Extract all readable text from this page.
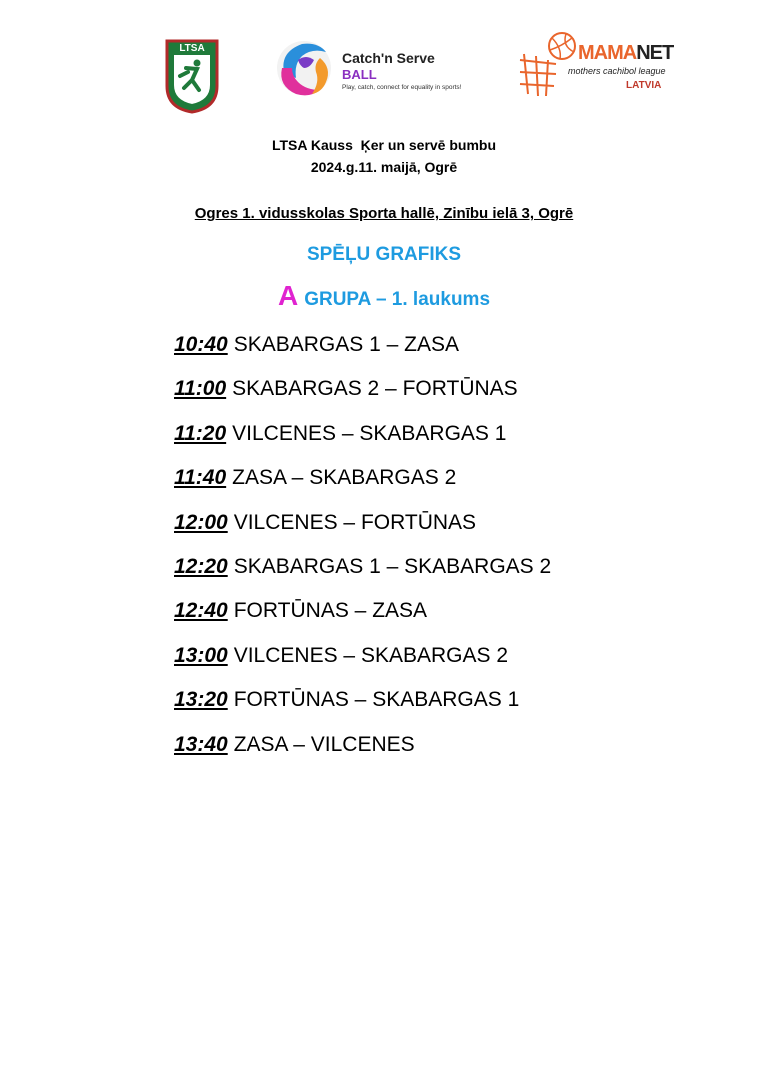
LTSA
Catch'n Serve
BALL
Play, catch, connect for equality in sports!
MAMANET
mothers cachibol league
LATVIA
LTSA Kauss  Ķer un servē bumbu
2024.g.11. maijā, Ogrē
Ogres 1. vidusskolas Sporta hallē, Zinību ielā 3, Ogrē
SPĒĻU GRAFIKS
A GRUPA – 1. laukums
10:40 SKABARGAS 1 – ZASA
11:00 SKABARGAS 2 – FORTŪNAS
11:20 VILCENES – SKABARGAS 1
11:40 ZASA – SKABARGAS 2
12:00 VILCENES – FORTŪNAS
12:20 SKABARGAS 1 – SKABARGAS 2
12:40 FORTŪNAS – ZASA
13:00 VILCENES – SKABARGAS 2
13:20 FORTŪNAS – SKABARGAS 1
13:40 ZASA – VILCENES
